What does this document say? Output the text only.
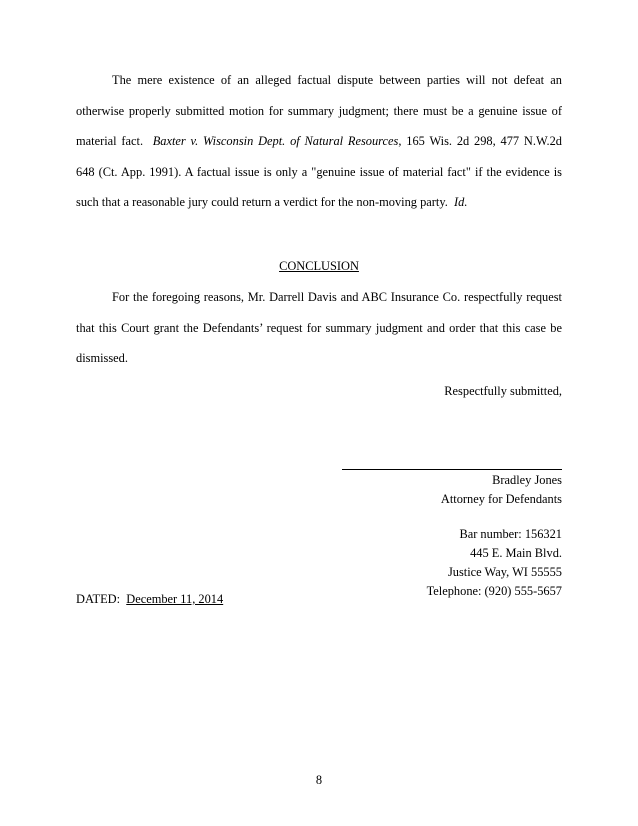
The mere existence of an alleged factual dispute between parties will not defeat an
otherwise properly submitted motion for summary judgment; there must be a genuine issue of
material fact. Baxter v. Wisconsin Dept. of Natural Resources, 165 Wis. 2d 298, 477 N.W.2d
648 (Ct. App. 1991). A factual issue is only a "genuine issue of material fact" if the evidence is
such that a reasonable jury could return a verdict for the non-moving party. Id.

CONCLUSION

For the foregoing reasons, Mr. Darrell Davis and ABC Insurance Co. respectfully request
that this Court grant the Defendants’ request for summary judgment and order that this case be
dismissed.
Respectfully submitted,
Bradley Jones
Attorney for Defendants
Bar number: 156321
445 E. Main Blvd.
Justice Way, WI 55555
Telephone: (920) 555-5657
DATED: December 11, 2014
8
